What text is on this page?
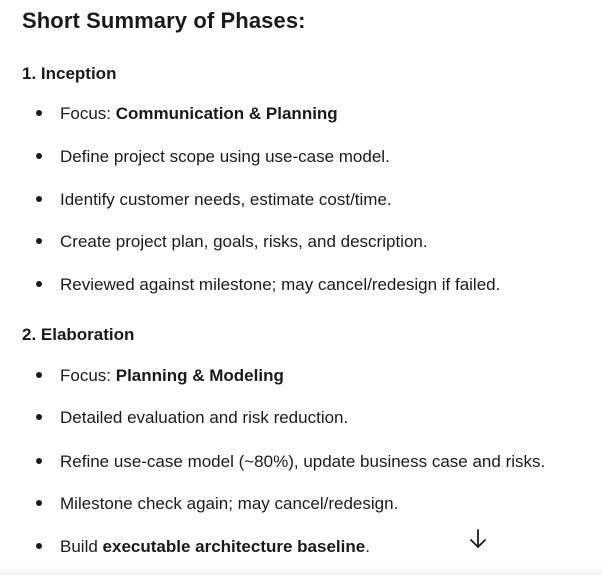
Short Summary of Phases:
1. Inception
Focus: Communication & Planning
Define project scope using use-case model.
Identify customer needs, estimate cost/time.
Create project plan, goals, risks, and description.
Reviewed against milestone; may cancel/redesign if failed.
2. Elaboration
Focus: Planning & Modeling
Detailed evaluation and risk reduction.
Refine use-case model (~80%), update business case and risks.
Milestone check again; may cancel/redesign.
Build executable architecture baseline.
